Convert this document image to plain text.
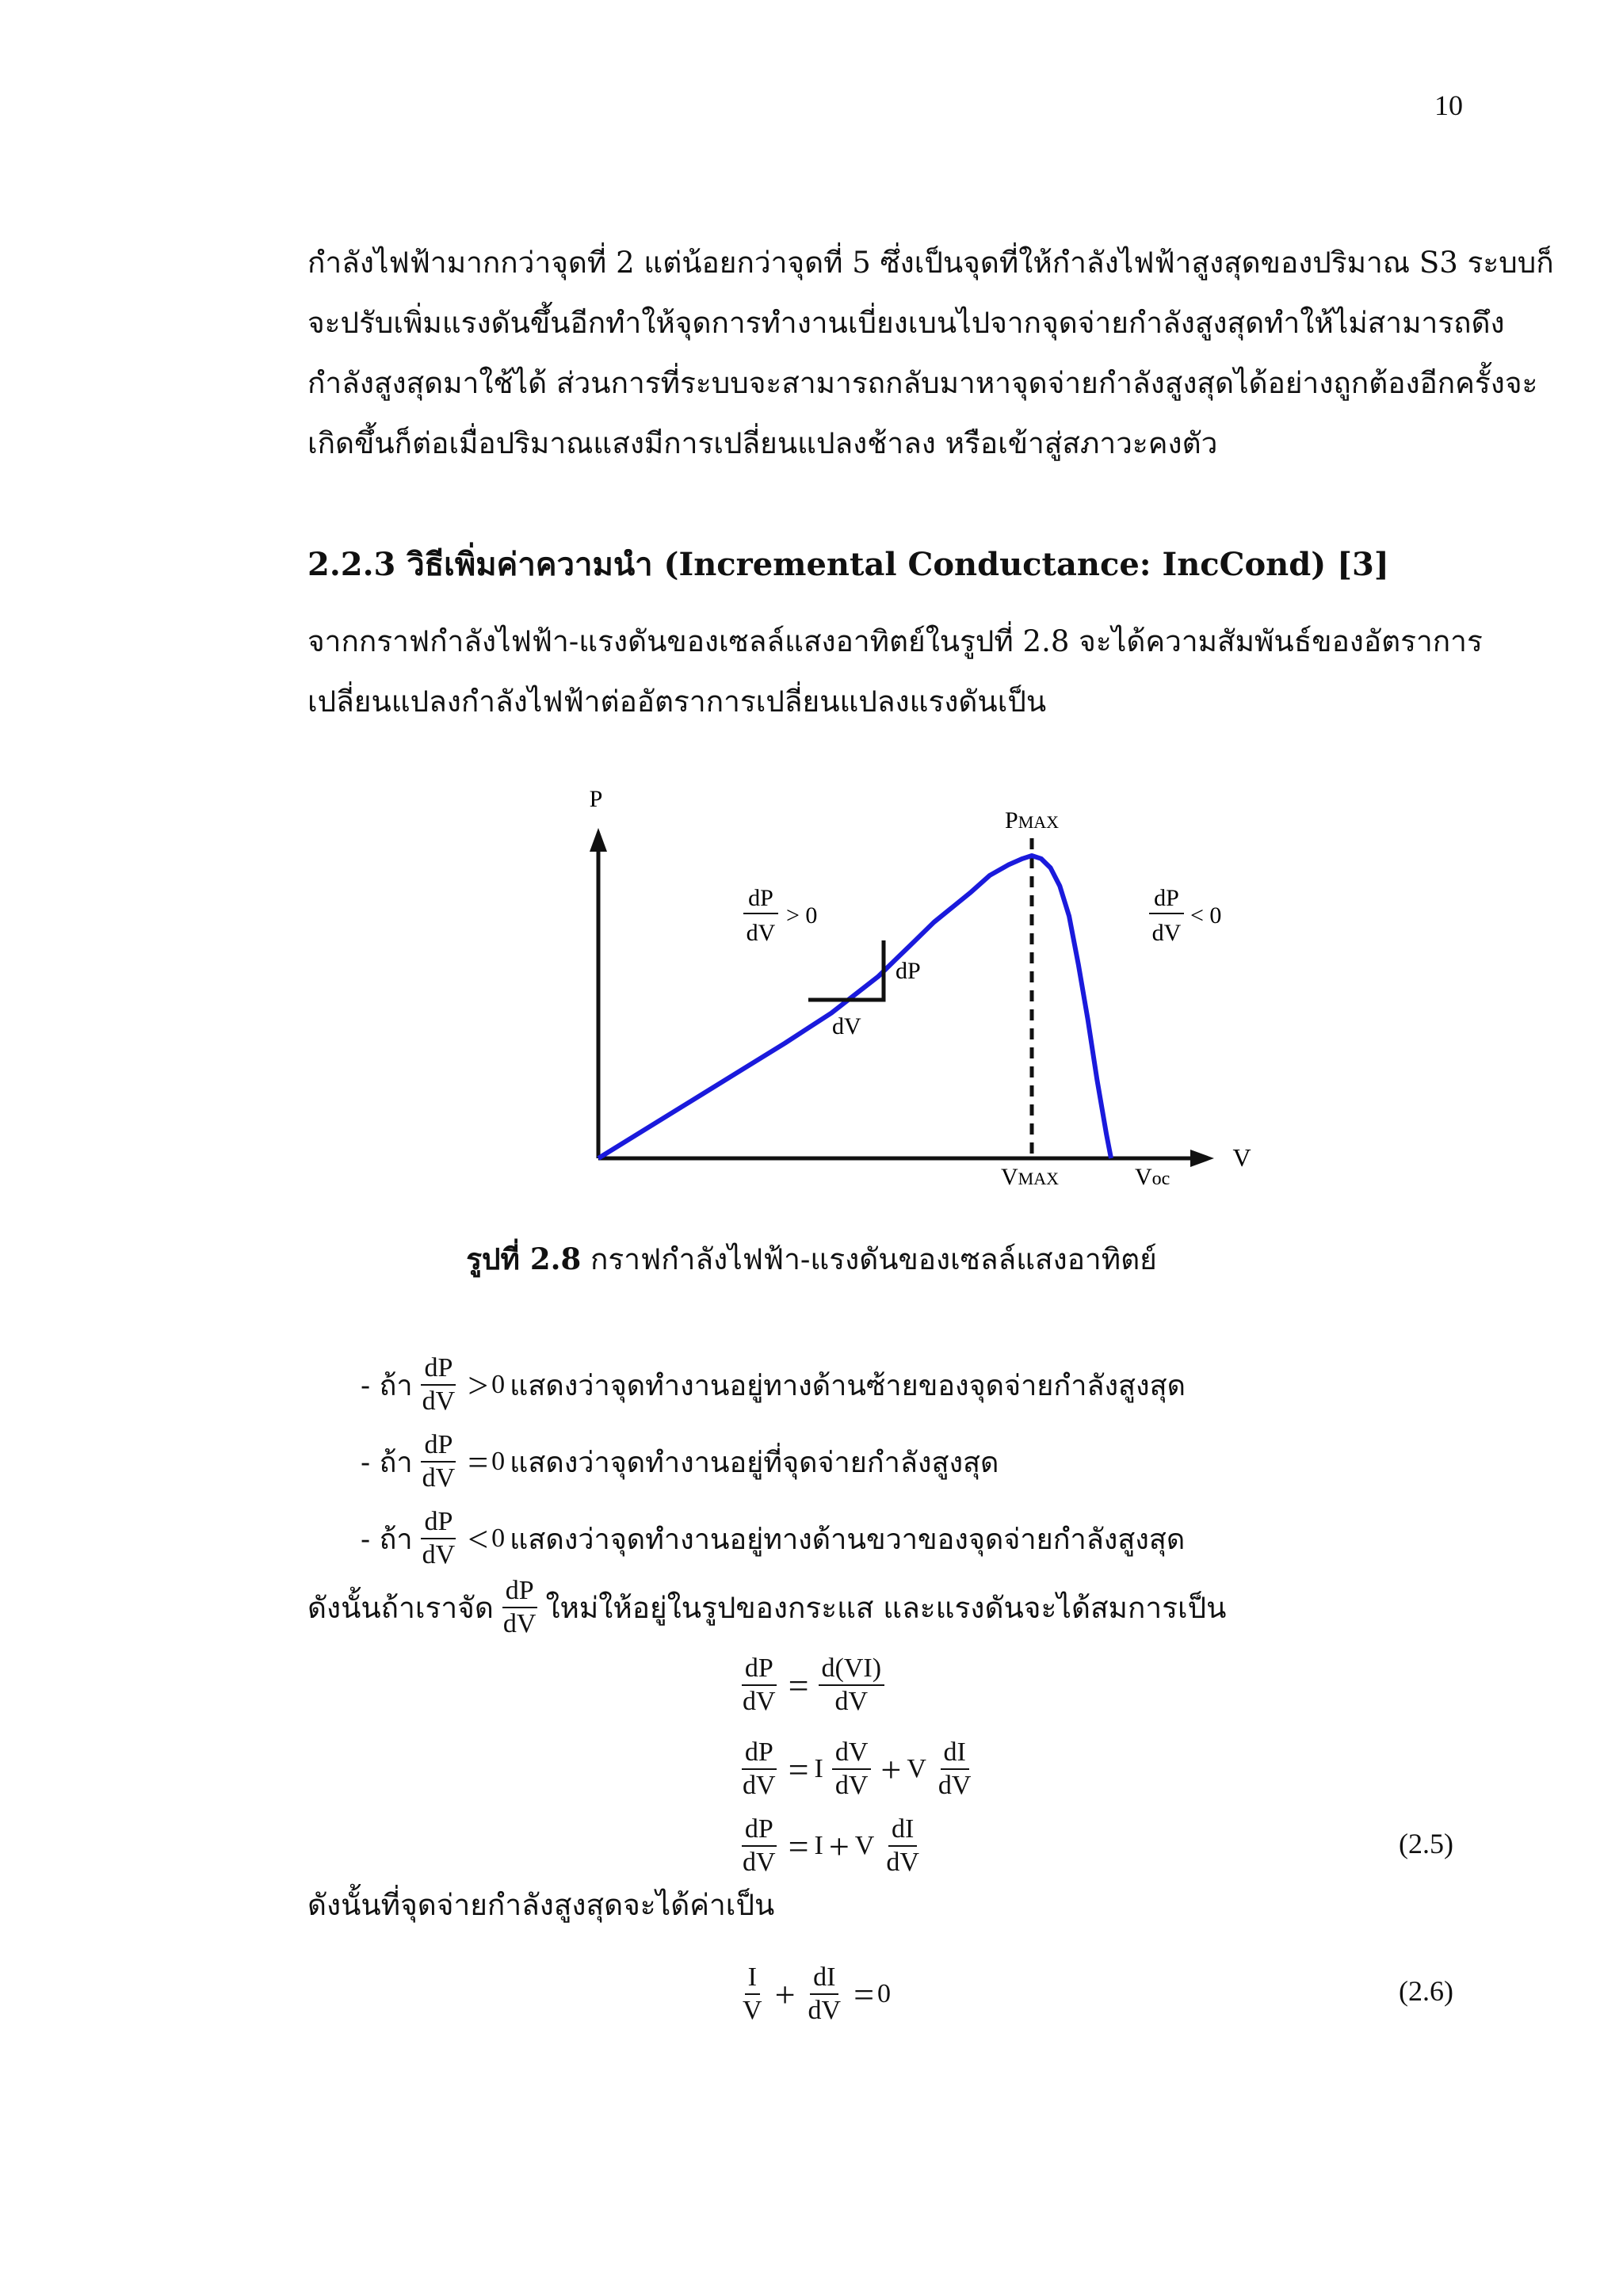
10
กำลังไฟฟ้ามากกว่าจุดที่ 2 แต่น้อยกว่าจุดที่ 5 ซึ่งเป็นจุดที่ให้กำลังไฟฟ้าสูงสุดของปริมาณ S3 ระบบก็
จะปรับเพิ่มแรงดันขึ้นอีกทำให้จุดการทำงานเบี่ยงเบนไปจากจุดจ่ายกำลังสูงสุดทำให้ไม่สามารถดึง
กำลังสูงสุดมาใช้ได้ ส่วนการที่ระบบจะสามารถกลับมาหาจุดจ่ายกำลังสูงสุดได้อย่างถูกต้องอีกครั้งจะ
เกิดขึ้นก็ต่อเมื่อปริมาณแสงมีการเปลี่ยนแปลงช้าลง หรือเข้าสู่สภาวะคงตัว
2.2.3 วิธีเพิ่มค่าความนำ (Incremental Conductance: IncCond) [3]
จากกราฟกำลังไฟฟ้า-แรงดันของเซลล์แสงอาทิตย์ในรูปที่ 2.8 จะได้ความสัมพันธ์ของอัตราการ
เปลี่ยนแปลงกำลังไฟฟ้าต่ออัตราการเปลี่ยนแปลงแรงดันเป็น
P
V
dP
dV
PMAX
VMAX	Voc
dP
dV
> 0
dP
dV
< 0
รูปที่ 2.8 กราฟกำลังไฟฟ้า-แรงดันของเซลล์แสงอาทิตย์
- ถ้า $\frac{dP}{dV} > 0$ แสดงว่าจุดทำงานอยู่ทางด้านซ้ายของจุดจ่ายกำลังสูงสุด
- ถ้า $\frac{dP}{dV} = 0$ แสดงว่าจุดทำงานอยู่ที่จุดจ่ายกำลังสูงสุด
- ถ้า $\frac{dP}{dV} < 0$ แสดงว่าจุดทำงานอยู่ทางด้านขวาของจุดจ่ายกำลังสูงสุด
ดังนั้นถ้าเราจัด $\frac{dP}{dV}$ ใหม่ให้อยู่ในรูปของกระแส และแรงดันจะได้สมการเป็น
$\frac{dP}{dV} = \frac{d(VI)}{dV}$
$\frac{dP}{dV} = I \frac{dV}{dV} + V \frac{dI}{dV}$
$\frac{dP}{dV} = I + V \frac{dI}{dV}$	(2.5)
ดังนั้นที่จุดจ่ายกำลังสูงสุดจะได้ค่าเป็น
$\frac{I}{V} + \frac{dI}{dV} = 0$	(2.6)
